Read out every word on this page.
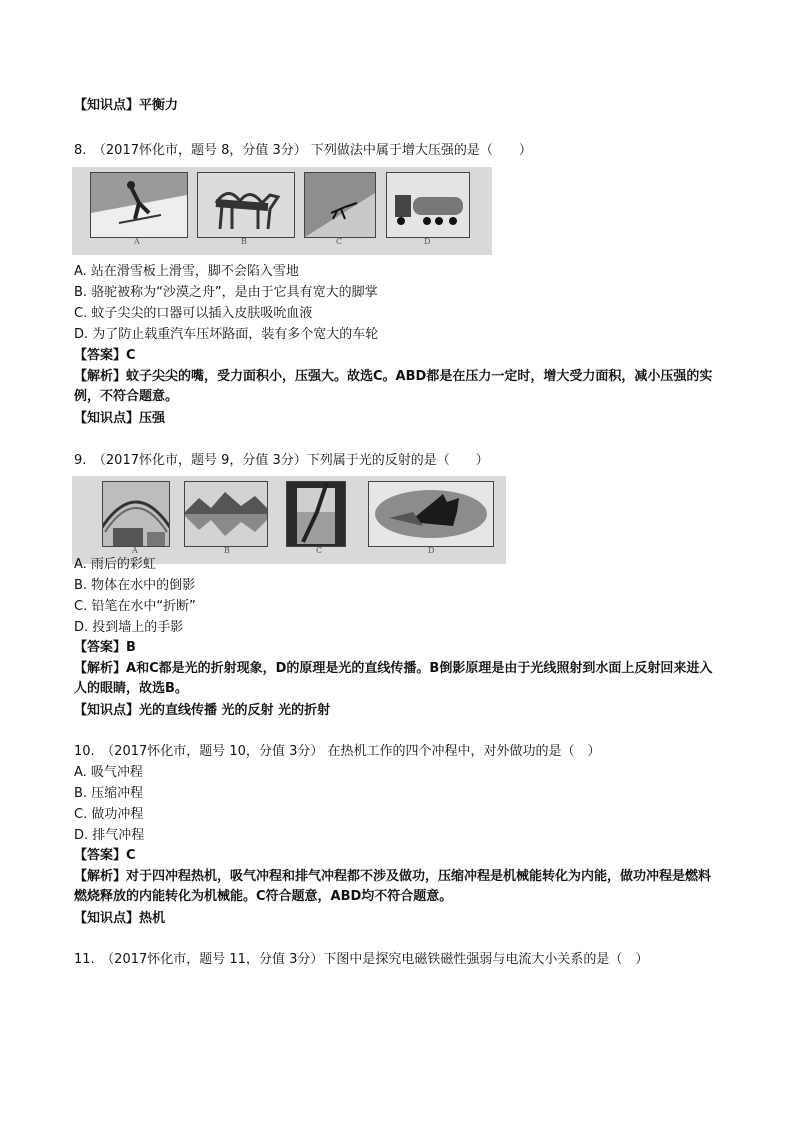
【知识点】平衡力
8.　（2017怀化市，题号 8，分值 3分） 下列做法中属于增大压强的是（　　）
A	B	C	D
A. 站在滑雪板上滑雪，脚不会陷入雪地
B. 骆驼被称为“沙漠之舟”，是由于它具有宽大的脚掌
C. 蚊子尖尖的口器可以插入皮肤吸吮血液
D. 为了防止载重汽车压坏路面，装有多个宽大的车轮
【答案】C
【解析】蚊子尖尖的嘴，受力面积小，压强大。故选C。ABD都是在压力一定时，增大受力面积，减小压强的实例，不符合题意。
【知识点】压强
9.　（2017怀化市，题号 9，分值 3分）下列属于光的反射的是（　　）
A	B	C	D
A. 雨后的彩虹
B. 物体在水中的倒影
C. 铅笔在水中“折断”
D. 投到墙上的手影
【答案】B
【解析】A和C都是光的折射现象，D的原理是光的直线传播。B倒影原理是由于光线照射到水面上反射回来进入人的眼睛，故选B。
【知识点】光的直线传播 光的反射 光的折射
10.　（2017怀化市，题号 10，分值 3分） 在热机工作的四个冲程中，对外做功的是（　）
A. 吸气冲程
B. 压缩冲程
C. 做功冲程
D. 排气冲程
【答案】C
【解析】对于四冲程热机，吸气冲程和排气冲程都不涉及做功，压缩冲程是机械能转化为内能，做功冲程是燃料燃烧释放的内能转化为机械能。C符合题意，ABD均不符合题意。
【知识点】热机
11.　（2017怀化市，题号 11，分值 3分）下图中是探究电磁铁磁性强弱与电流大小关系的是（　）
